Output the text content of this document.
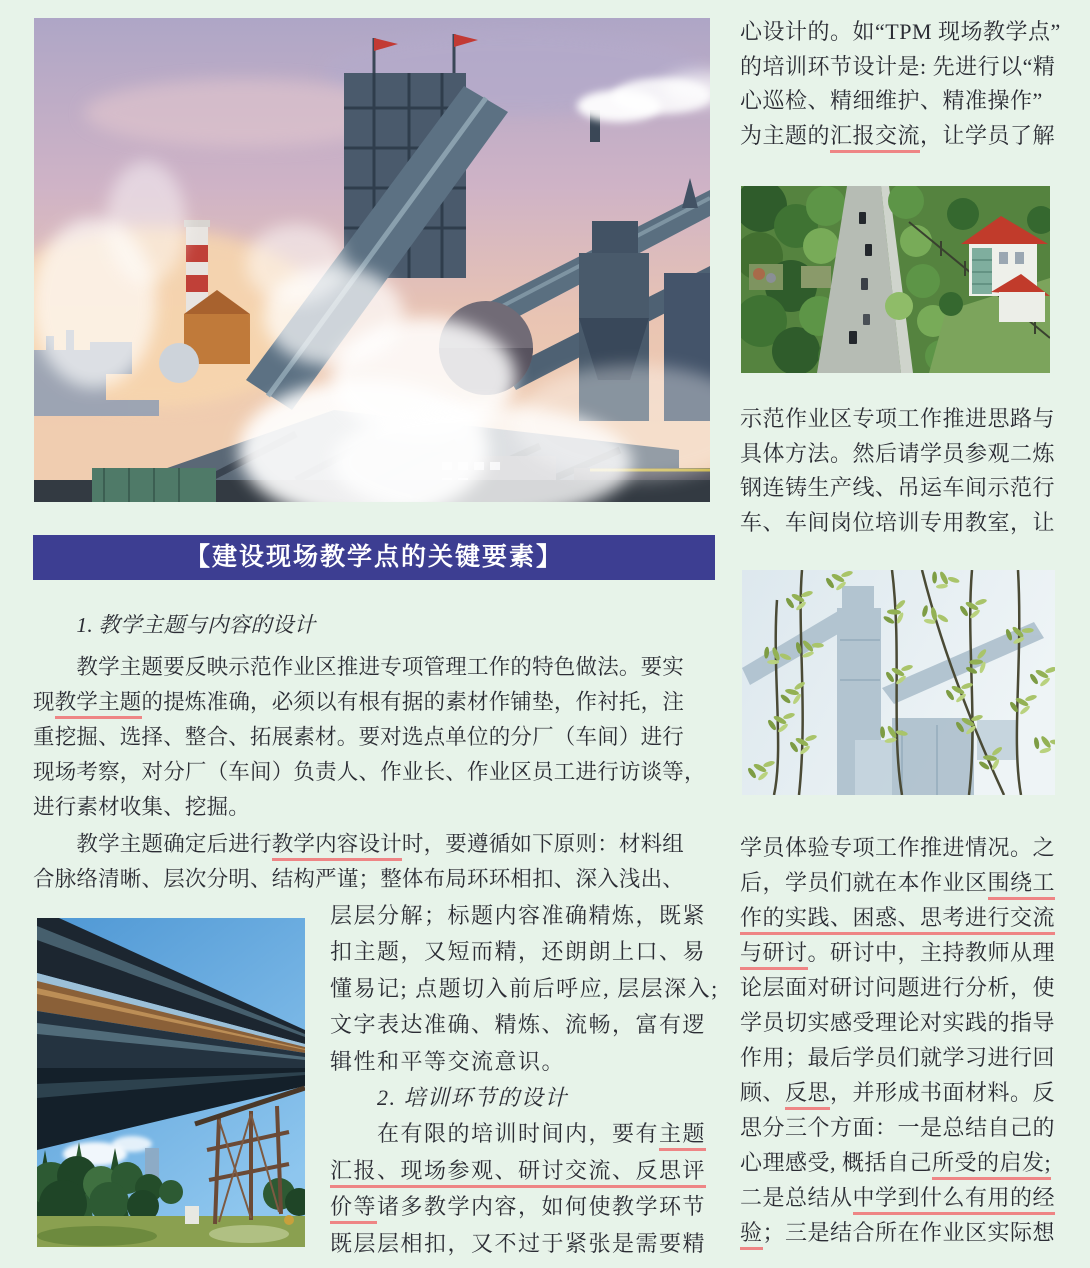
【建设现场教学点的关键要素】
　　1. 教学主题与内容的设计
　　教学主题要反映示范作业区推进专项管理工作的特色做法。要实
现教学主题的提炼准确，必须以有根有据的素材作铺垫，作衬托，注
重挖掘、选择、整合、拓展素材。要对选点单位的分厂（车间）进行
现场考察，对分厂（车间）负责人、作业长、作业区员工进行访谈等，
进行素材收集、挖掘。
　　教学主题确定后进行教学内容设计时，要遵循如下原则：材料组
合脉络清晰、层次分明、结构严谨；整体布局环环相扣、深入浅出、
层层分解；标题内容准确精炼，既紧
扣主题，又短而精，还朗朗上口、易
懂易记; 点题切入前后呼应, 层层深入;
文字表达准确、精炼、流畅，富有逻
辑性和平等交流意识。
　　2. 培训环节的设计
　　在有限的培训时间内，要有主题
汇报、现场参观、研讨交流、反思评
价等诸多教学内容，如何使教学环节
既层层相扣，又不过于紧张是需要精
心设计的。如“TPM 现场教学点”
的培训环节设计是: 先进行以“精
心巡检、精细维护、精准操作”
为主题的汇报交流，让学员了解
示范作业区专项工作推进思路与
具体方法。然后请学员参观二炼
钢连铸生产线、吊运车间示范行
车、车间岗位培训专用教室，让
学员体验专项工作推进情况。之
后，学员们就在本作业区围绕工
作的实践、困惑、思考进行交流
与研讨。研讨中，主持教师从理
论层面对研讨问题进行分析，使
学员切实感受理论对实践的指导
作用；最后学员们就学习进行回
顾、反思，并形成书面材料。反
思分三个方面：一是总结自己的
心理感受, 概括自己所受的启发;
二是总结从中学到什么有用的经
验；三是结合所在作业区实际想
